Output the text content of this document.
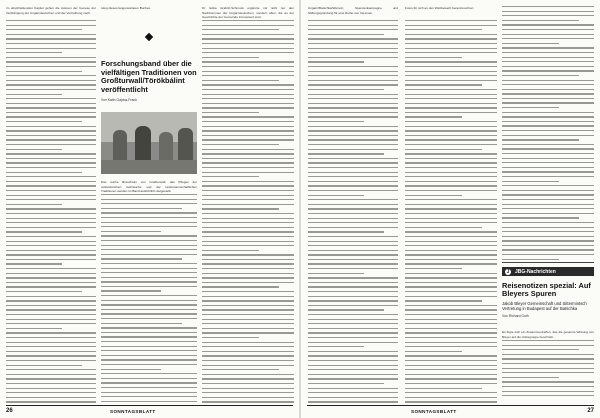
Im abschließenden Kapitel gehen die Autoren der Genese der Verdrängung der Ungarndeutschen und der Vertreibung nach.

tulog dieses langerwarteten Buches.

Forschungsband über die vielfältigen Traditionen von Großturwall/Törökbálint veröffentlicht
Von Katin Gajdos-Frank

Das reiche Brauchtum von Großturwall, das Pflegen der volkstümlichen Gebräuche und der landsmannschaftlichen Traditionen werden im Band ausführlich dargestellt.

Dr. Erika Grabitz-Schmuck ergänzte mit nicht nur den Nachkommen der Ungarndeutschen, sondern allen, die an der Geschichte der Gemeinde interessiert sind.

26	SONNTAGSBLATT

Ungarn/Batschka/Weinort, Spendenkampagne und Stiftungsgründung für eine Reihe von Vereinen.

Fotos für sich an den Wettbewerb heranzureichen.

J	JBG-Nachrichten
Reisenotizen spezial: Auf Bleyers Spuren
Jakob Bleyer Gemeinschaft und Sittermintsch Vertretung in Budapest auf der Batschka
Von Richard Guth

Es fügte sich ein Zusammentreffen, das die gesamte Wirkung von Bleyer auf die Volksgruppe beschrieb.

SONNTAGSBLATT	27
